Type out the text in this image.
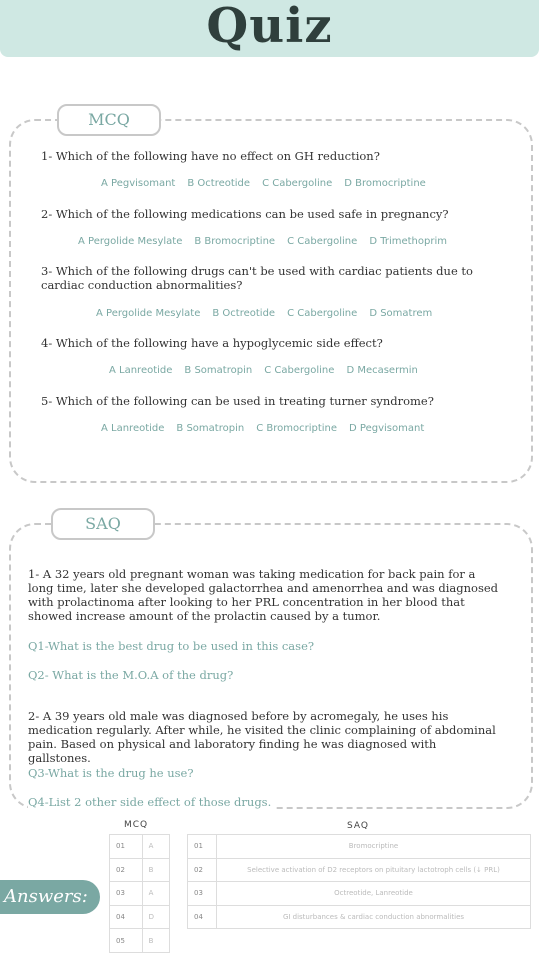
Quiz
MCQ
1- Which of the following have no effect on GH reduction?
A Pegvisomant B Octreotide C Cabergoline D Bromocriptine
2- Which of the following medications can be used safe in pregnancy?
A Pergolide Mesylate B Bromocriptine C Cabergoline D Trimethoprim
3- Which of the following drugs can't be used with cardiac patients due to cardiac conduction abnormalities?
A Pergolide Mesylate B Octreotide C Cabergoline D Somatrem
4- Which of the following have a hypoglycemic side effect?
A Lanreotide B Somatropin C Cabergoline D Mecasermin
5- Which of the following can be used in treating turner syndrome?
A Lanreotide B Somatropin C Bromocriptine D Pegvisomant
SAQ
1- A 32 years old pregnant woman was taking medication for back pain for a long time, later she developed galactorrhea and amenorrhea and was diagnosed with prolactinoma after looking to her PRL concentration in her blood that showed increase amount of the prolactin caused by a tumor.
Q1-What is the best drug to be used in this case?
Q2- What is the M.O.A of the drug?
2- A 39 years old male was diagnosed before by acromegaly, he uses his medication regularly. After while, he visited the clinic complaining of abdominal pain. Based on physical and laboratory finding he was diagnosed with gallstones.
Q3-What is the drug he use?
Q4-List 2 other side effect of those drugs.
Answers:
MCQ	SAQ
01	A
02	B
03	A
04	D
05	B
01	Bromocriptine
02	Selective activation of D2 receptors on pituitary lactotroph cells (↓ PRL)
03	Octreotide, Lanreotide
04	GI disturbances & cardiac conduction abnormalities
